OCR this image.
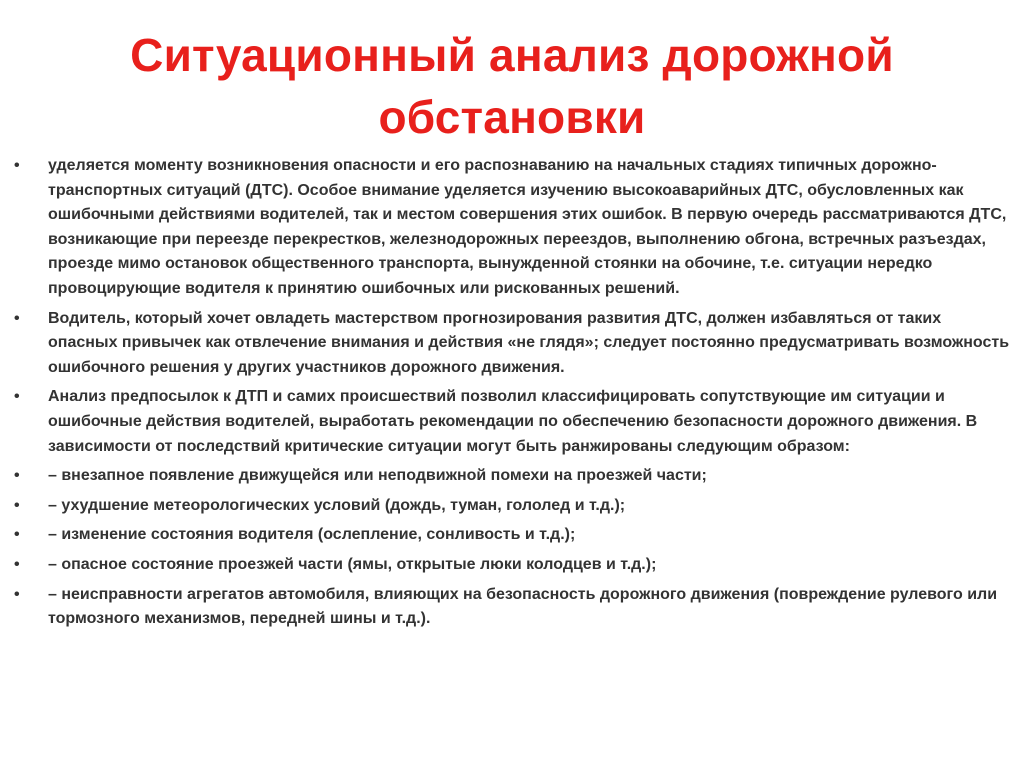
Ситуационный анализ дорожной обстановки
•	уделяется моменту возникновения опасности и его распознаванию на начальных стадиях типичных дорожно-транспортных ситуаций (ДТС). Особое внимание уделяется изучению высокоаварийных ДТС, обусловленных как ошибочными действиями водителей, так и местом совершения этих ошибок. В первую очередь рассматриваются ДТС, возникающие при переезде перекрестков, железнодорожных переездов, выполнению обгона, встречных разъездах, проезде мимо остановок общественного транспорта, вынужденной стоянки на обочине, т.е. ситуации нередко провоцирующие водителя к принятию ошибочных или рискованных решений.
•	Водитель, который хочет овладеть мастерством прогнозирования развития ДТС, должен избавляться от таких опасных привычек как отвлечение внимания и действия «не глядя»; следует постоянно предусматривать возможность ошибочного решения у других участников дорожного движения.
•	Анализ предпосылок к ДТП и самих происшествий позволил классифицировать сопутствующие им ситуации и ошибочные действия водителей, выработать рекомендации по обеспечению безопасности дорожного движения. В зависимости от последствий критические ситуации могут быть ранжированы следующим образом:
•	– внезапное появление движущейся или неподвижной помехи на проезжей части;
•	– ухудшение метеорологических условий (дождь, туман, гололед и т.д.);
•	– изменение состояния водителя (ослепление, сонливость и т.д.);
•	– опасное состояние проезжей части (ямы, открытые люки колодцев и т.д.);
•	– неисправности агрегатов автомобиля, влияющих на безопасность дорожного движения (повреждение рулевого или тормозного механизмов, передней шины и т.д.).
